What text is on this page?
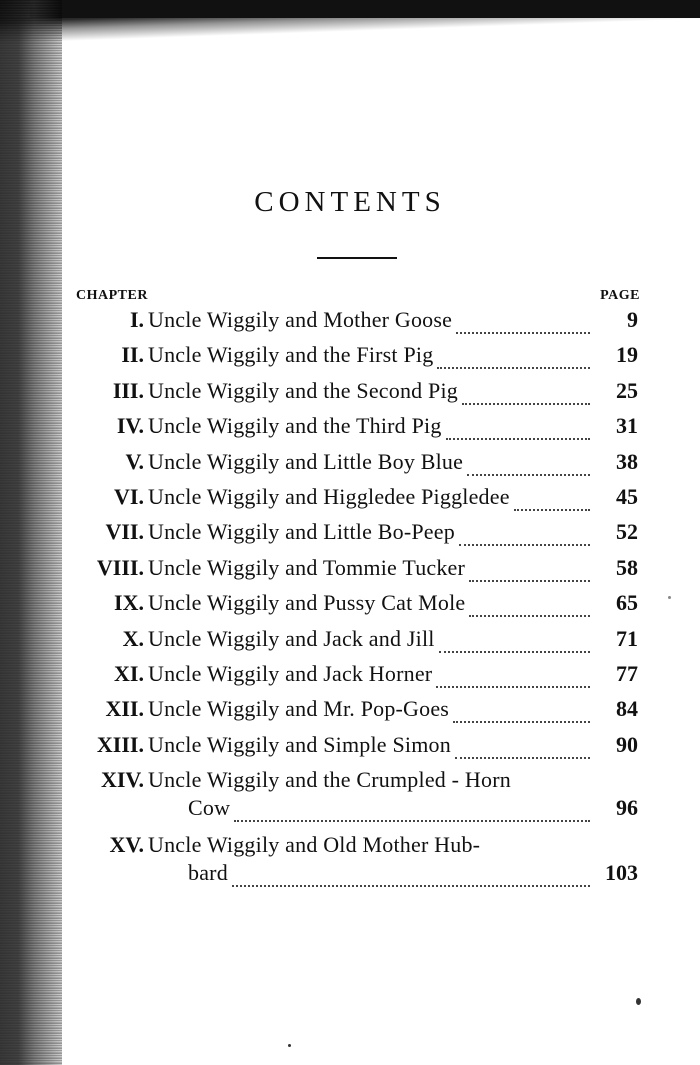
CONTENTS
CHAPTER	PAGE
I. Uncle Wiggily and Mother Goose	9
II. Uncle Wiggily and the First Pig	19
III. Uncle Wiggily and the Second Pig	25
IV. Uncle Wiggily and the Third Pig	31
V. Uncle Wiggily and Little Boy Blue	38
VI. Uncle Wiggily and Higgledee Piggledee	45
VII. Uncle Wiggily and Little Bo-Peep	52
VIII. Uncle Wiggily and Tommie Tucker	58
IX. Uncle Wiggily and Pussy Cat Mole	65
X. Uncle Wiggily and Jack and Jill	71
XI. Uncle Wiggily and Jack Horner	77
XII. Uncle Wiggily and Mr. Pop-Goes	84
XIII. Uncle Wiggily and Simple Simon	90
XIV. Uncle Wiggily and the Crumpled - Horn
Cow	96
XV. Uncle Wiggily and Old Mother Hub-
bard	103
